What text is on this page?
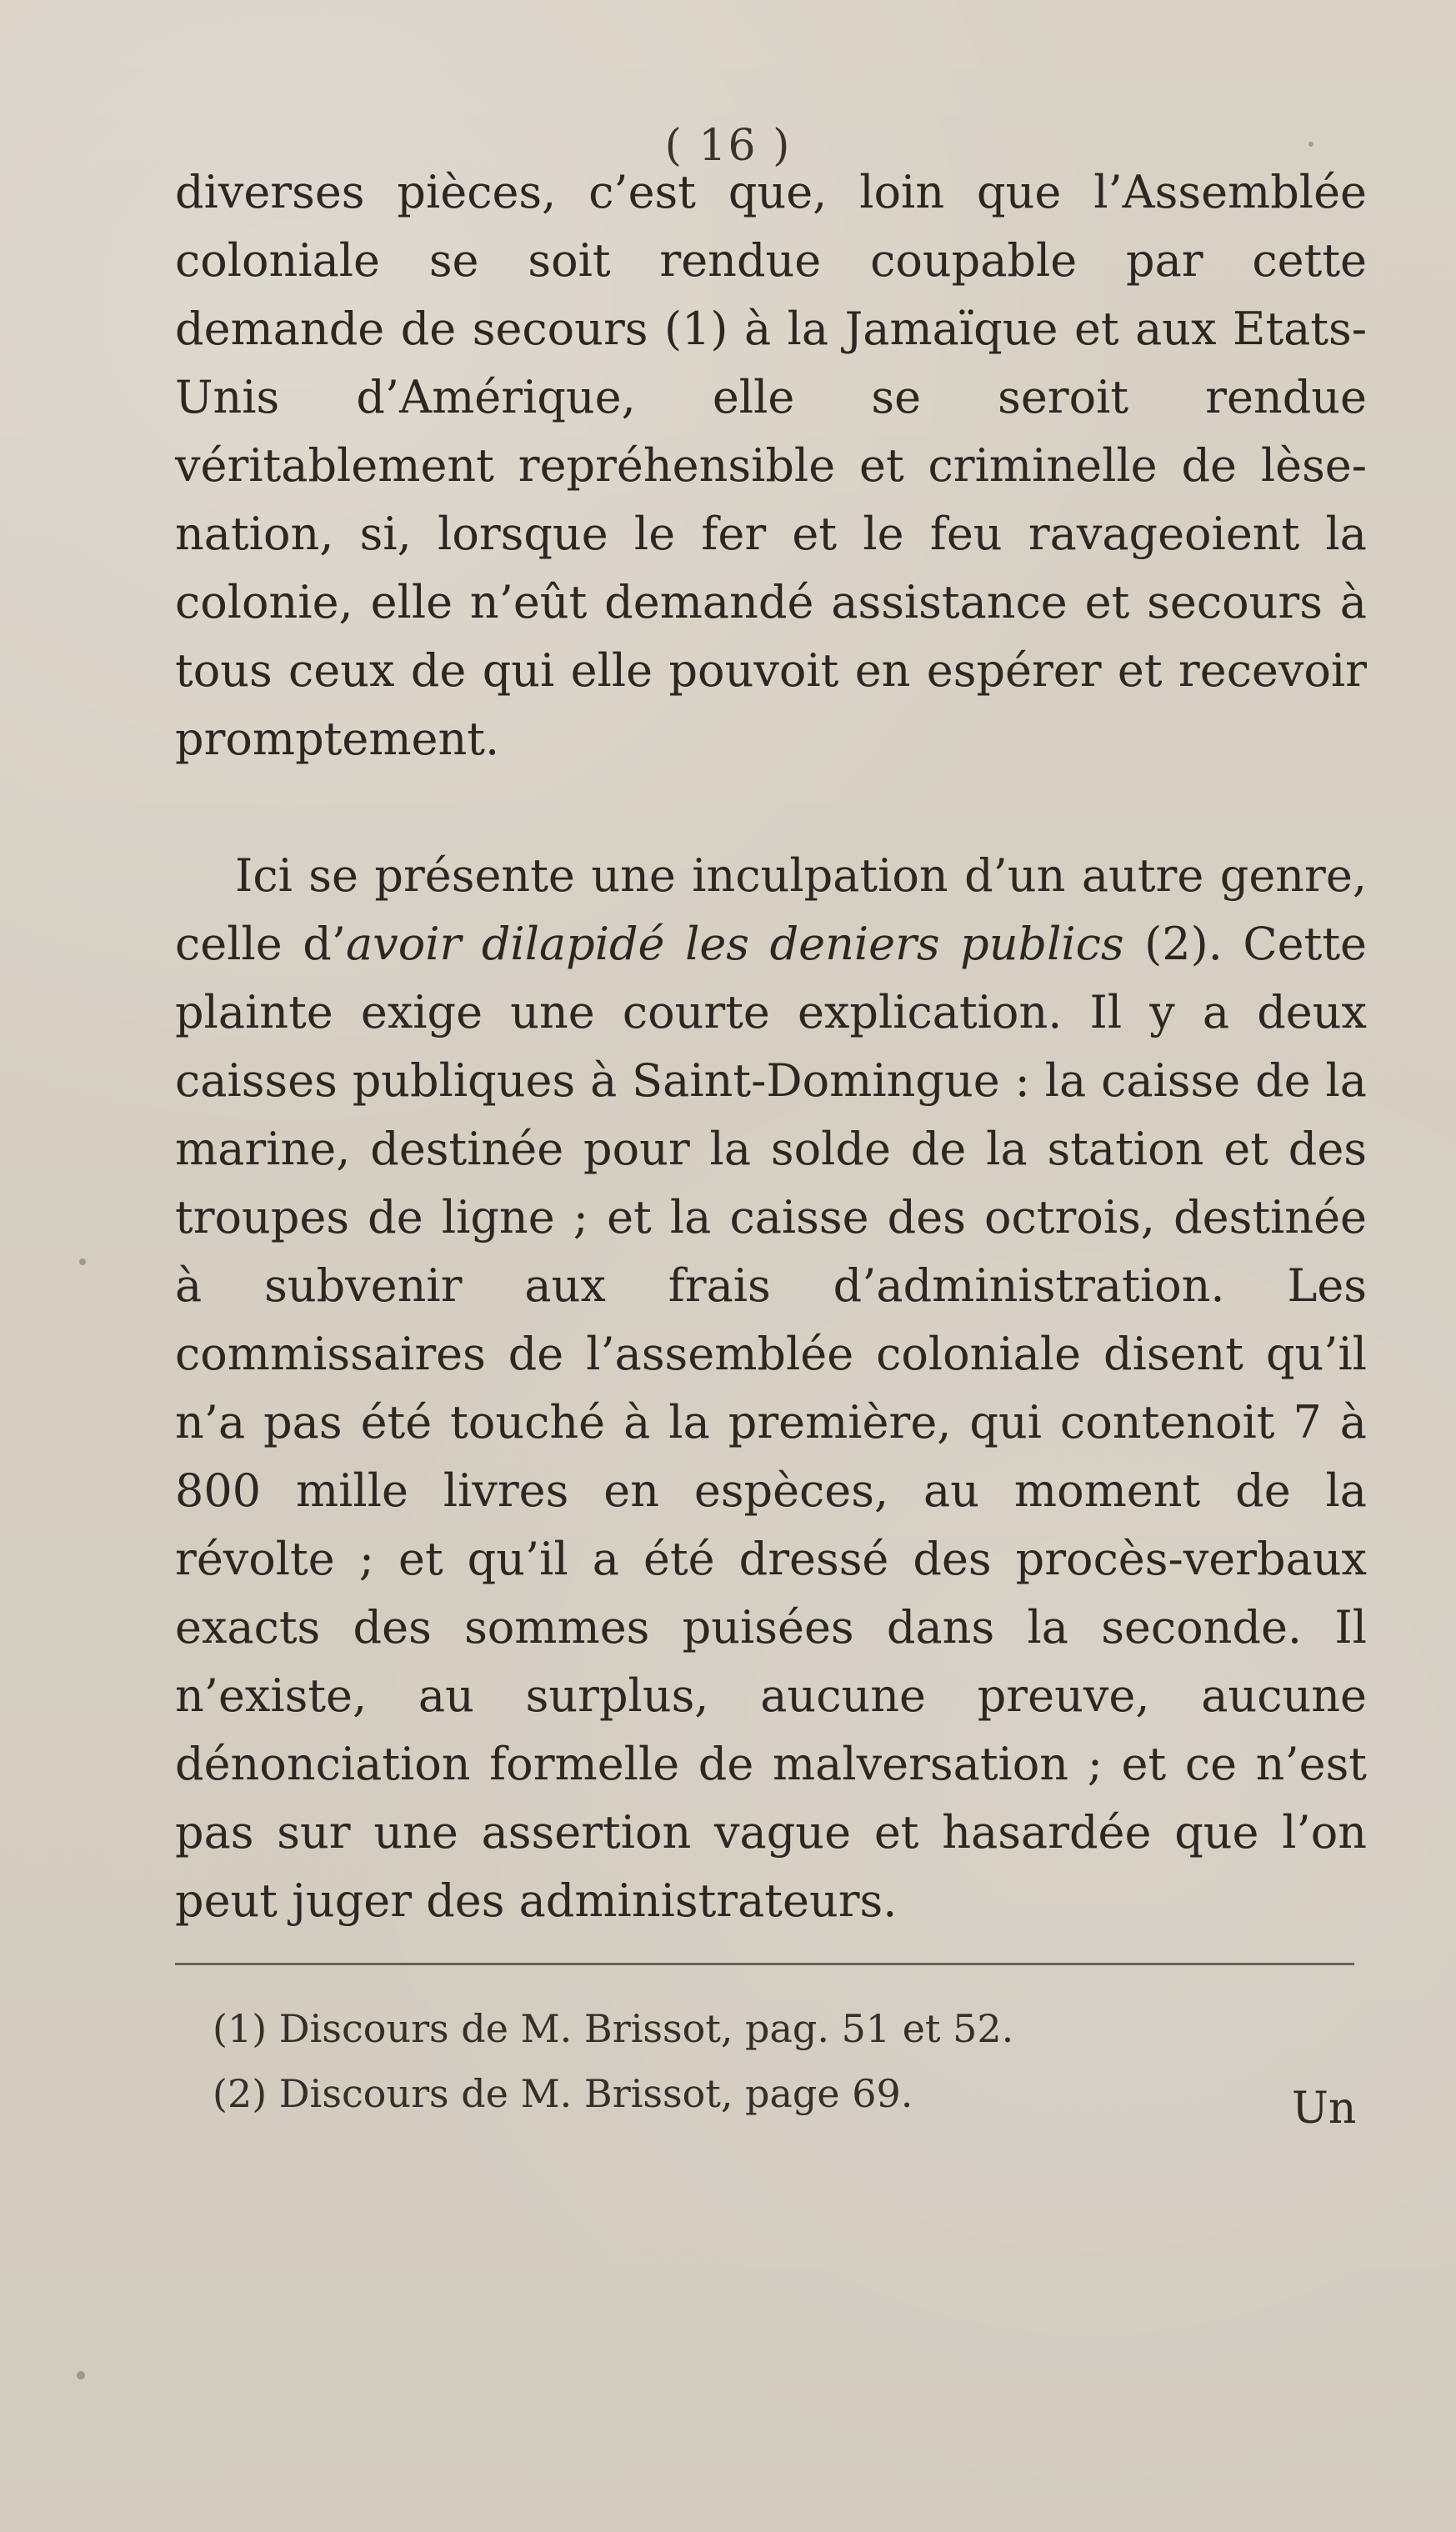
( 16 )

diverses pièces, c’est que, loin que l’Assemblée coloniale se soit rendue coupable par cette demande de secours (1) à la Jamaïque et aux Etats-Unis d’Amérique, elle se seroit rendue véritablement repréhensible et criminelle de lèse-nation, si, lorsque le fer et le feu ravageoient la colonie, elle n’eût demandé assistance et secours à tous ceux de qui elle pouvoit en espérer et recevoir promptement.

Ici se présente une inculpation d’un autre genre, celle d’avoir dilapidé les deniers publics (2). Cette plainte exige une courte explication. Il y a deux caisses publiques à Saint-Domingue : la caisse de la marine, destinée pour la solde de la station et des troupes de ligne ; et la caisse des octrois, destinée à subvenir aux frais d’administration. Les commissaires de l’assemblée coloniale disent qu’il n’a pas été touché à la première, qui contenoit 7 à 800 mille livres en espèces, au moment de la révolte ; et qu’il a été dressé des procès-verbaux exacts des sommes puisées dans la seconde. Il n’existe, au surplus, aucune preuve, aucune dénonciation formelle de malversation ; et ce n’est pas sur une assertion vague et hasardée que l’on peut juger des administrateurs.

(1) Discours de M. Brissot, pag. 51 et 52.

(2) Discours de M. Brissot, page 69.	Un
